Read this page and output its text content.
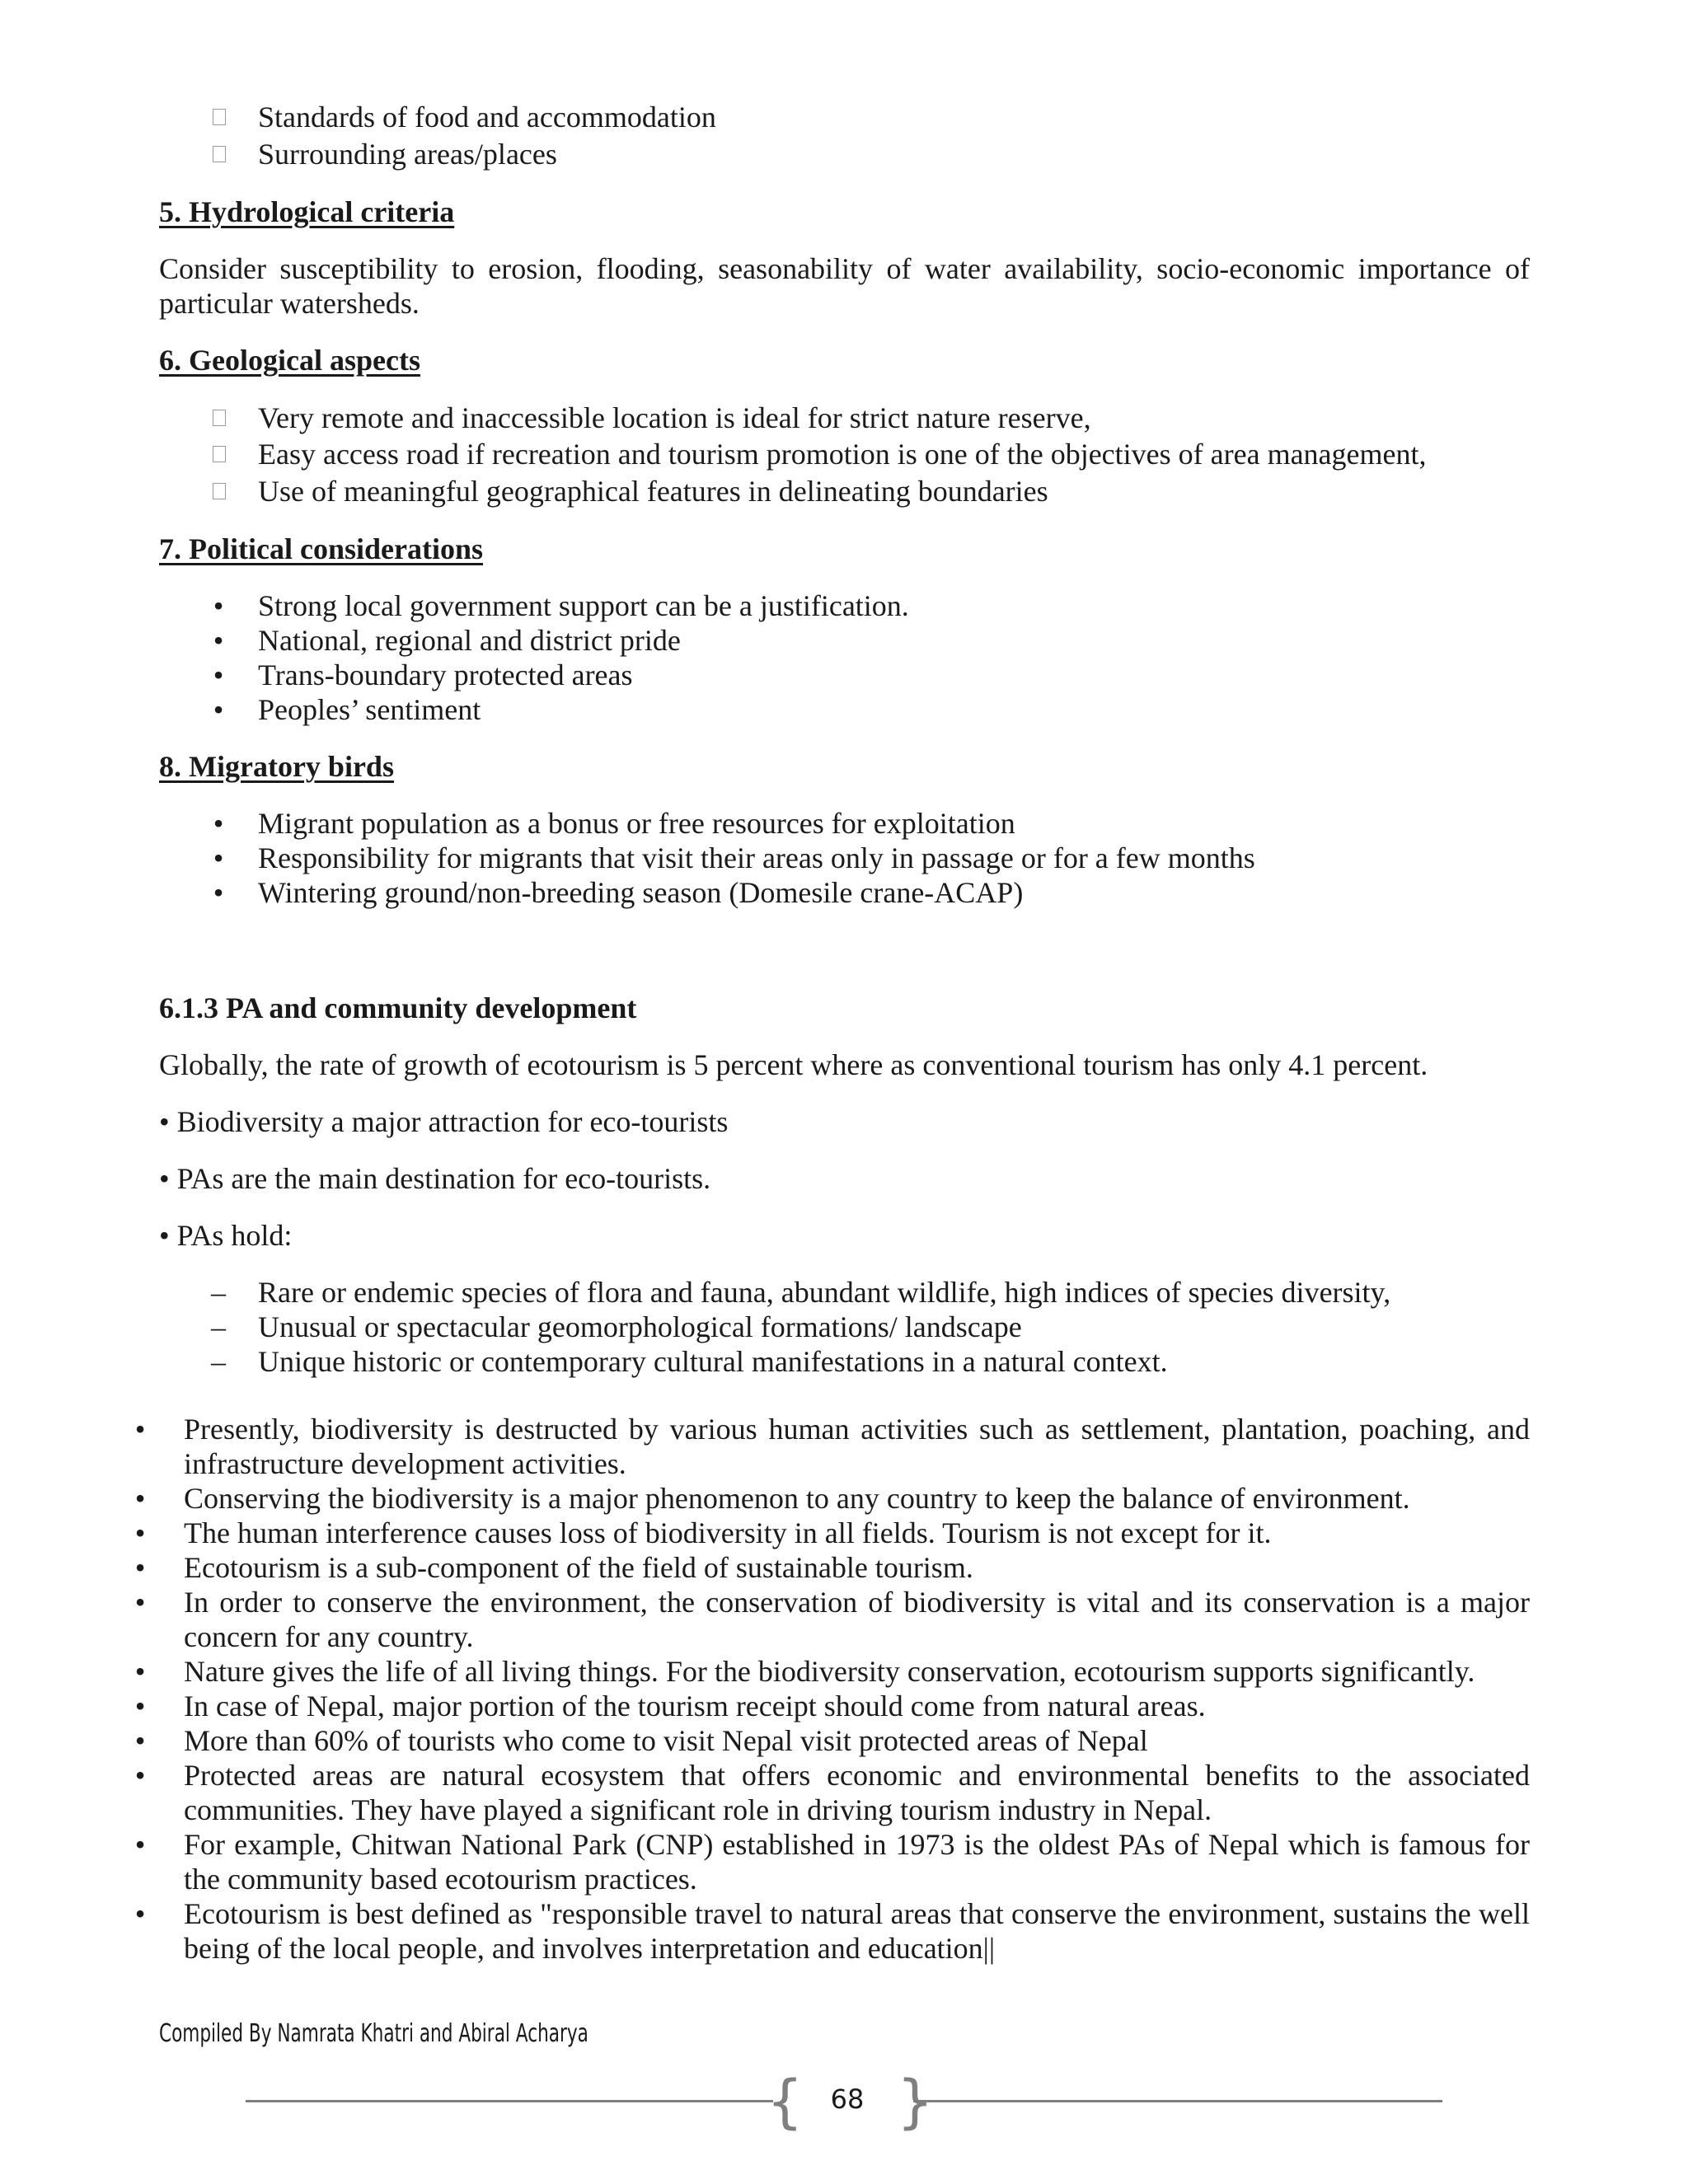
Standards of food and accommodation
Surrounding areas/places
5. Hydrological criteria
Consider susceptibility to erosion, flooding, seasonability of water availability, socio-economic importance of particular watersheds.
6. Geological aspects
Very remote and inaccessible location is ideal for strict nature reserve,
Easy access road if recreation and tourism promotion is one of the objectives of area management,
Use of meaningful geographical features in delineating boundaries
7. Political considerations
• Strong local government support can be a justification.
• National, regional and district pride
• Trans-boundary protected areas
• Peoples’ sentiment
8. Migratory birds
• Migrant population as a bonus or free resources for exploitation
• Responsibility for migrants that visit their areas only in passage or for a few months
• Wintering ground/non-breeding season (Domesile crane-ACAP)
6.1.3 PA and community development
Globally, the rate of growth of ecotourism is 5 percent where as conventional tourism has only 4.1 percent.
• Biodiversity a major attraction for eco-tourists
• PAs are the main destination for eco-tourists.
• PAs hold:
– Rare or endemic species of flora and fauna, abundant wildlife, high indices of species diversity,
– Unusual or spectacular geomorphological formations/ landscape
– Unique historic or contemporary cultural manifestations in a natural context.
• Presently, biodiversity is destructed by various human activities such as settlement, plantation, poaching, and infrastructure development activities.
• Conserving the biodiversity is a major phenomenon to any country to keep the balance of environment.
• The human interference causes loss of biodiversity in all fields. Tourism is not except for it.
• Ecotourism is a sub-component of the field of sustainable tourism.
• In order to conserve the environment, the conservation of biodiversity is vital and its conservation is a major concern for any country.
• Nature gives the life of all living things. For the biodiversity conservation, ecotourism supports significantly.
• In case of Nepal, major portion of the tourism receipt should come from natural areas.
• More than 60% of tourists who come to visit Nepal visit protected areas of Nepal
• Protected areas are natural ecosystem that offers economic and environmental benefits to the associated communities. They have played a significant role in driving tourism industry in Nepal.
• For example, Chitwan National Park (CNP) established in 1973 is the oldest PAs of Nepal which is famous for the community based ecotourism practices.
• Ecotourism is best defined as "responsible travel to natural areas that conserve the environment, sustains the well being of the local people, and involves interpretation and education||
Compiled By Namrata Khatri and Abiral Acharya
{ }
68
